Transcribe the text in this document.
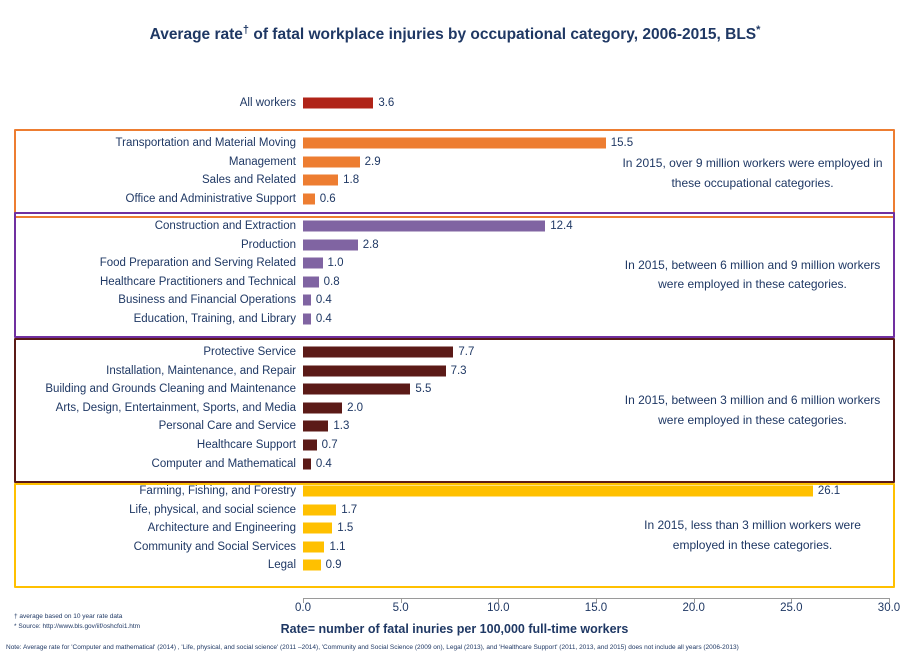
Average rate† of fatal workplace injuries by occupational category, 2006-2015, BLS*
0.0	5.0	10.0	15.0	20.0	25.0	30.0
All workers	3.6
In 2015, over 9 million workers were employed in these occupational categories.
Transportation and Material Moving	15.5
Management	2.9
Sales and Related	1.8
Office and Administrative Support 0.6
In 2015, between 6 million and 9 million workers were employed in these categories.
Construction and Extraction	12.4
Production	2.8
Food Preparation and Serving Related	1.0
Healthcare Practitioners and Technical 0.8
Business and Financial Operations 0.4
Education, Training, and Library 0.4
In 2015, between 3 million and 6 million workers were employed in these categories.
Protective Service	7.7
Installation, Maintenance, and Repair	7.3
Building and Grounds Cleaning and Maintenance	5.5
Arts, Design, Entertainment, Sports, and Media	2.0
Personal Care and Service	1.3
Healthcare Support 0.7
Computer and Mathematical 0.4
In 2015, less than 3 million workers were employed in these categories.
Farming, Fishing, and Forestry	26.1
Life, physical, and social science	1.7
Architecture and Engineering	1.5
Community and Social Services	1.1
Legal	0.9
Rate= number of fatal inuries per 100,000 full-time workers
† average based on 10 year rate data
* Source: http://www.bls.gov/iif/oshcfoi1.htm
Note: Average rate for 'Computer and mathematical' (2014) , 'Life, physical, and social science' (2011 –2014), 'Community and Social Science (2009 on), Legal (2013), and 'Healthcare Support' (2011, 2013, and 2015) does not include all years (2006-2013)
